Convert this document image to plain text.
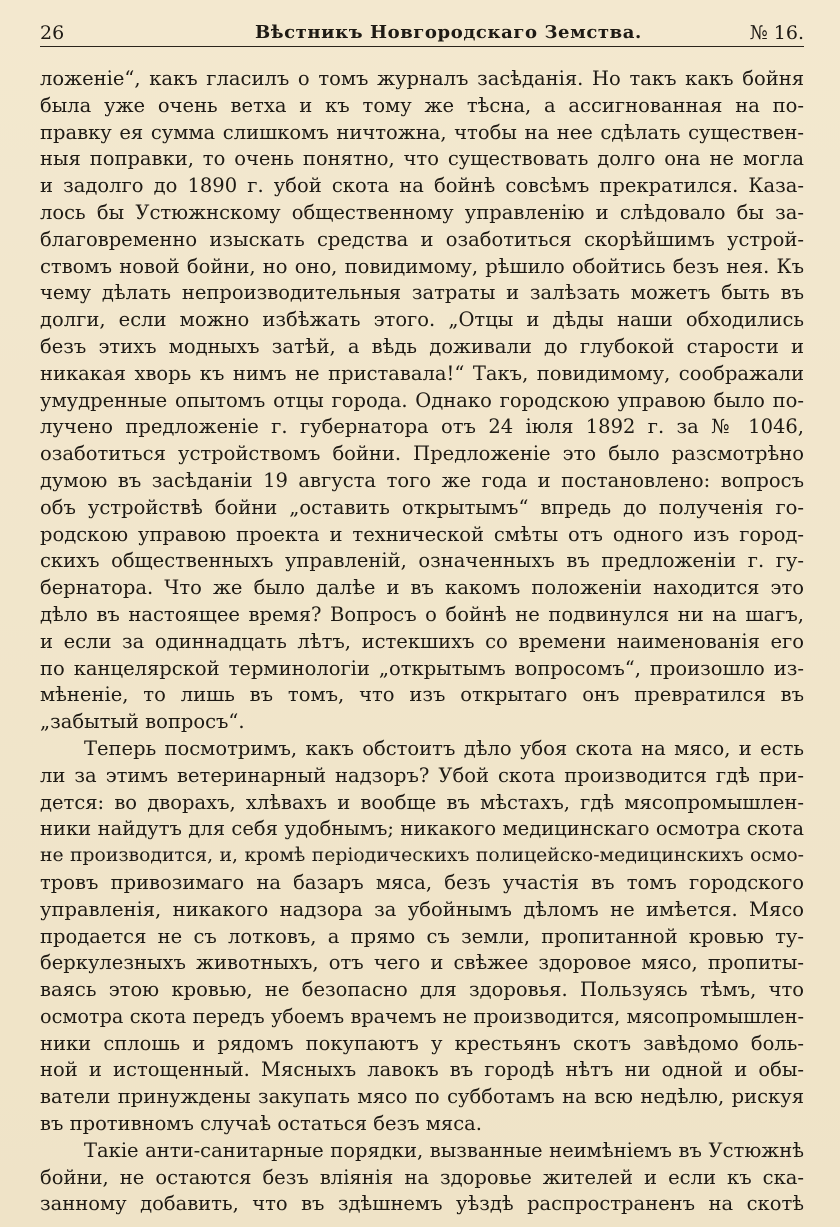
26	Вѣстникъ Новгородскаго Земства.	№ 16.
ложеніе“, какъ гласилъ о томъ журналъ засѣданія. Но такъ какъ бойня
была уже очень ветха и къ тому же тѣсна, а ассигнованная на по-
правку ея сумма слишкомъ ничтожна, чтобы на нее сдѣлать существен-
ныя поправки, то очень понятно, что существовать долго она не могла
и задолго до 1890 г. убой скота на бойнѣ совсѣмъ прекратился. Каза-
лось бы Устюжнскому общественному управленію и слѣдовало бы за-
благовременно изыскать средства и озаботиться скорѣйшимъ устрой-
ствомъ новой бойни, но оно, повидимому, рѣшило обойтись безъ нея. Къ
чему дѣлать непроизводительныя затраты и залѣзать можетъ быть въ
долги, если можно избѣжать этого. „Отцы и дѣды наши обходились
безъ этихъ модныхъ затѣй, а вѣдь доживали до глубокой старости и
никакая хворь къ нимъ не приставала!“ Такъ, повидимому, соображали
умудренные опытомъ отцы города. Однако городскою управою было по-
лучено предложеніе г. губернатора отъ 24 іюля 1892 г. за № 1046,
озаботиться устройствомъ бойни. Предложеніе это было разсмотрѣно
думою въ засѣданіи 19 августа того же года и постановлено: вопросъ
объ устройствѣ бойни „оставить открытымъ“ впредь до полученія го-
родскою управою проекта и технической смѣты отъ одного изъ город-
скихъ общественныхъ управленій, означенныхъ въ предложеніи г. гу-
бернатора. Что же было далѣе и въ какомъ положеніи находится это
дѣло въ настоящее время? Вопросъ о бойнѣ не подвинулся ни на шагъ,
и если за одиннадцать лѣтъ, истекшихъ со времени наименованія его
по канцелярской терминологіи „открытымъ вопросомъ“, произошло из-
мѣненіе, то лишь въ томъ, что изъ открытаго онъ превратился въ
„забытый вопросъ“.
Теперь посмотримъ, какъ обстоитъ дѣло убоя скота на мясо, и есть
ли за этимъ ветеринарный надзоръ? Убой скота производится гдѣ при-
дется: во дворахъ, хлѣвахъ и вообще въ мѣстахъ, гдѣ мясопромышлен-
ники найдутъ для себя удобнымъ; никакого медицинскаго осмотра скота
не производится, и, кромѣ періодическихъ полицейско-медицинскихъ осмо-
тровъ привозимаго на базаръ мяса, безъ участія въ томъ городского
управленія, никакого надзора за убойнымъ дѣломъ не имѣется. Мясо
продается не съ лотковъ, а прямо съ земли, пропитанной кровью ту-
беркулезныхъ животныхъ, отъ чего и свѣжее здоровое мясо, пропиты-
ваясь этою кровью, не безопасно для здоровья. Пользуясь тѣмъ, что
осмотра скота передъ убоемъ врачемъ не производится, мясопромышлен-
ники сплошь и рядомъ покупаютъ у крестьянъ скотъ завѣдомо боль-
ной и истощенный. Мясныхъ лавокъ въ городѣ нѣтъ ни одной и обы-
ватели принуждены закупать мясо по субботамъ на всю недѣлю, рискуя
въ противномъ случаѣ остаться безъ мяса.
Такіе анти-санитарные порядки, вызванные неимѣніемъ въ Устюжнѣ
бойни, не остаются безъ вліянія на здоровье жителей и если къ ска-
занному добавить, что въ здѣшнемъ уѣздѣ распространенъ на скотѣ
